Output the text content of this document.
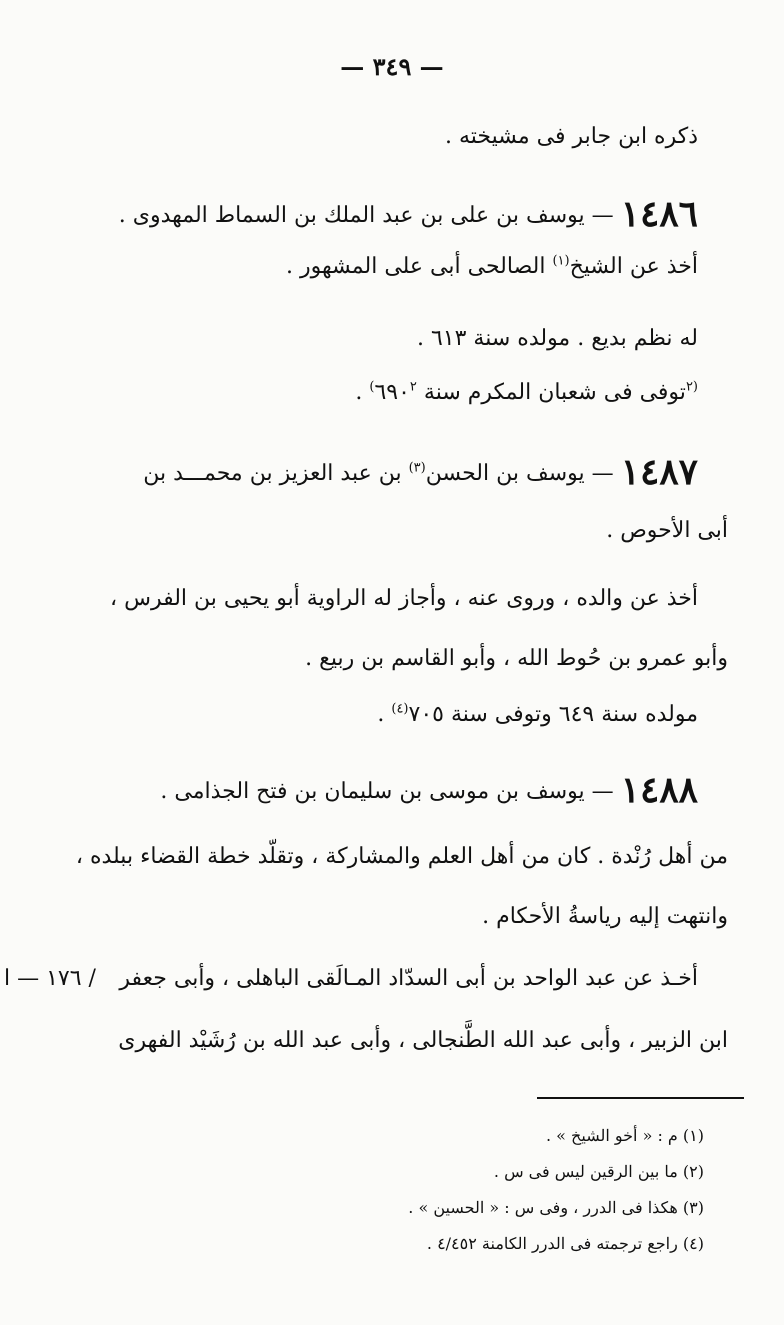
— ٣٤٩ —
ذكره ابن جابر فى مشيخته .
١٤٨٦ — يوسف بن على بن عبد الملك بن السماط المهدوى .
أخذ عن الشيخ$^{(١)}$ الصالحى أبى على المشهور .
له نظم بديع . مولده سنة ٦١٣ .
$^{(٢}$توفى فى شعبان المكرم سنة ٦٩٠$^{٢)}$ .
١٤٨٧ — يوسف بن الحسن$^{(٣)}$ بن عبد العزيز بن محمـــد بن
أبى الأحوص .
أخذ عن والده ، وروى عنه ، وأجاز له الراوية أبو يحيى بن الفرس ،
وأبو عمرو بن حُوط الله ، وأبو القاسم بن ربيع .
مولده سنة ٦٤٩ وتوفى سنة ٧٠٥$^{(٤)}$ .
١٤٨٨ — يوسف بن موسى بن سليمان بن فتح الجذامى .
من أهل رُنْدة . كان من أهل العلم والمشاركة ، وتقلّد خطة القضاء ببلده ،
وانتهت إليه رياسةُ الأحكام .
أخـذ عن عبد الواحد بن أبى السدّاد المـالَقى الباهلى ، وأبى جعفر
/ ١٧٦ — ا
ابن الزبير ، وأبى عبد الله الطَّنجالى ، وأبى عبد الله بن رُشَيْد الفهرى
(١) م : « أخو الشيخ » .
(٢) ما بين الرقين ليس فى س .
(٣) هكذا فى الدرر ، وفى س : « الحسين » .
(٤) راجع ترجمته فى الدرر الكامنة ٤/٤٥٢ .
